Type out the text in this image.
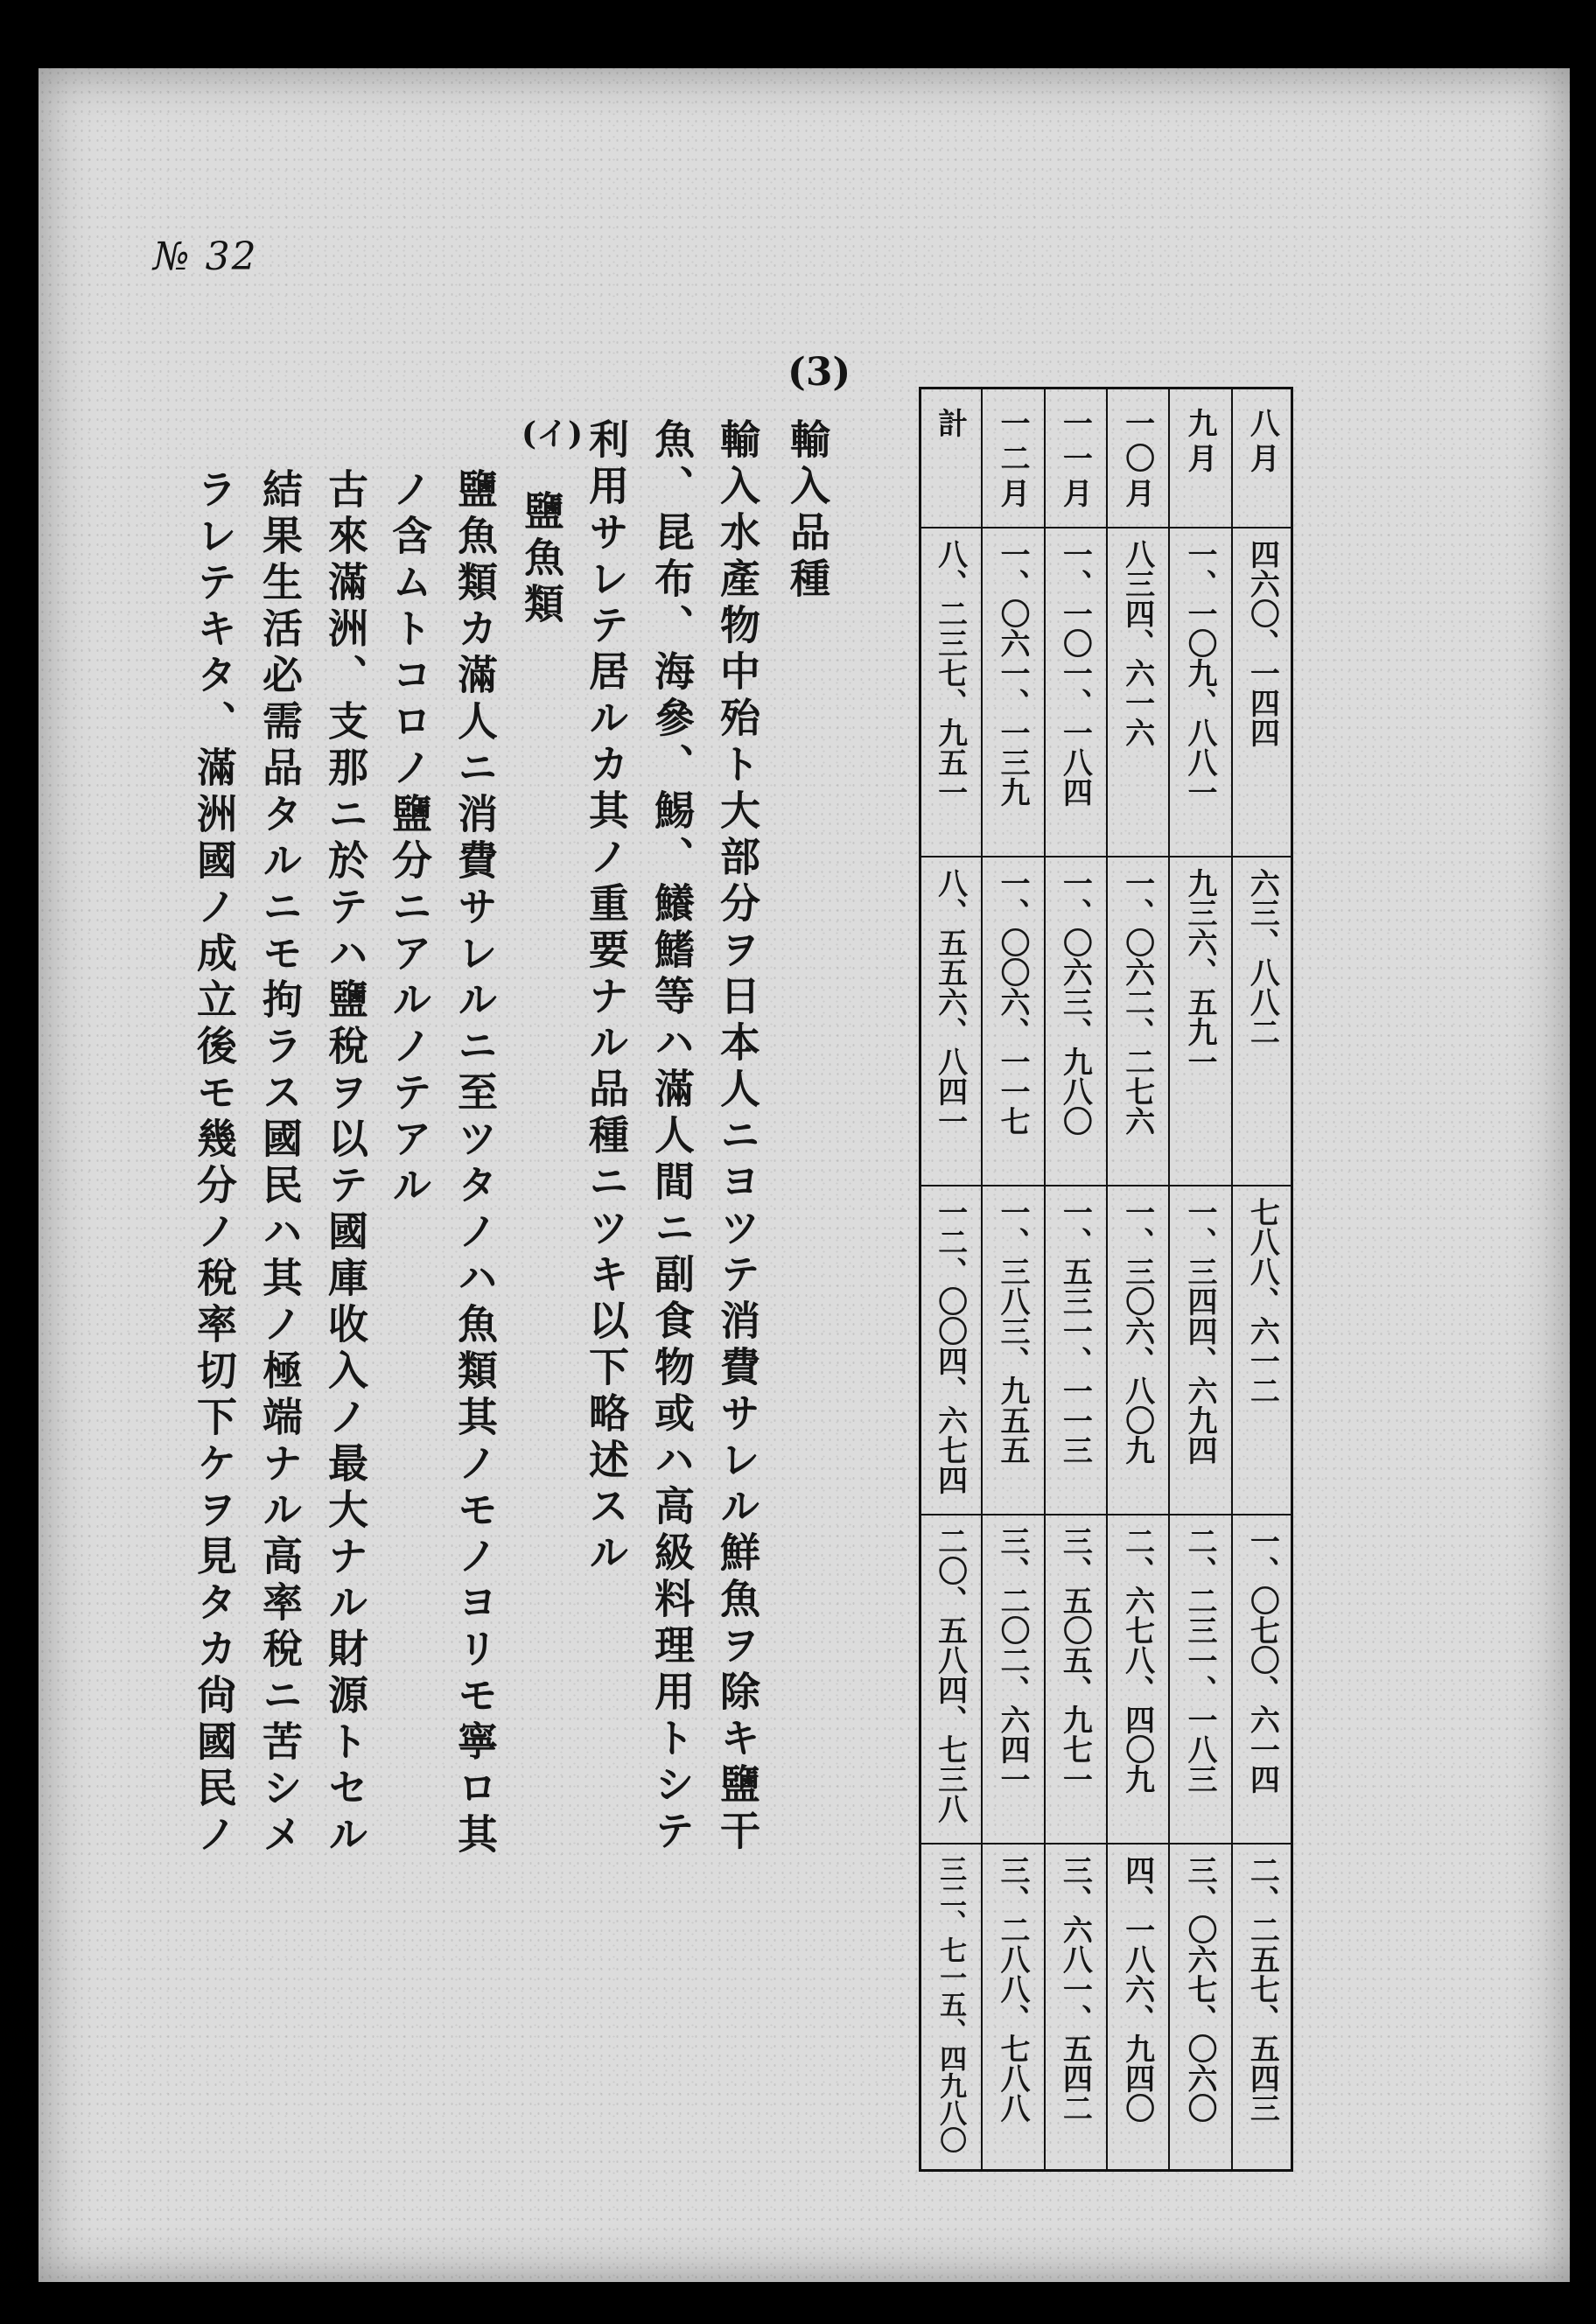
№ 32
(3)
輸入品種
輸入水產物中殆ト大部分ヲ日本人ニヨツテ消費サレル鮮魚ヲ除キ鹽干
魚、昆布、海參、鯣、鱶鰭等ハ滿人間ニ副食物或ハ高級料理用トシテ
利用サレテ居ルカ其ノ重要ナル品種ニツキ以下略述スル
(イ)
鹽魚類
鹽魚類カ滿人ニ消費サレルニ至ツタノハ魚類其ノモノヨリモ寧ロ其
ノ含ムトコロノ鹽分ニアルノテアル
古來滿洲、支那ニ於テハ鹽稅ヲ以テ國庫收入ノ最大ナル財源トセル
結果生活必需品タルニモ拘ラス國民ハ其ノ極端ナル高率稅ニ苦シメ
ラレテキタ、滿洲國ノ成立後モ幾分ノ稅率切下ケヲ見タカ尙國民ノ
八月
四六〇、一四四
六三、八八二
七八八、六一二
一、〇七〇、六一四
二、二五七、五四三
九月
一、一〇九、八八一
九三六、五九一
一、三四四、六九四
二、二三一、一八三
三、〇六七、〇六〇
一〇月
八三四、六一六
一、〇六二、二七六
一、三〇六、八〇九
二、六七八、四〇九
四、一八六、九四〇
一一月
一、一〇一、一八四
一、〇六三、九八〇
一、五三一、一一三
三、五〇五、九七一
三、六八一、五四二
一二月
一、〇六一、一三九
一、〇〇六、一一七
一、三八三、九五五
三、二〇二、六四一
三、二八八、七八八
計
八、二三七、九五一
八、五五六、八四一
一二、〇〇四、六七四
二〇、五八四、七三八
三二、七一五、四九八〇
